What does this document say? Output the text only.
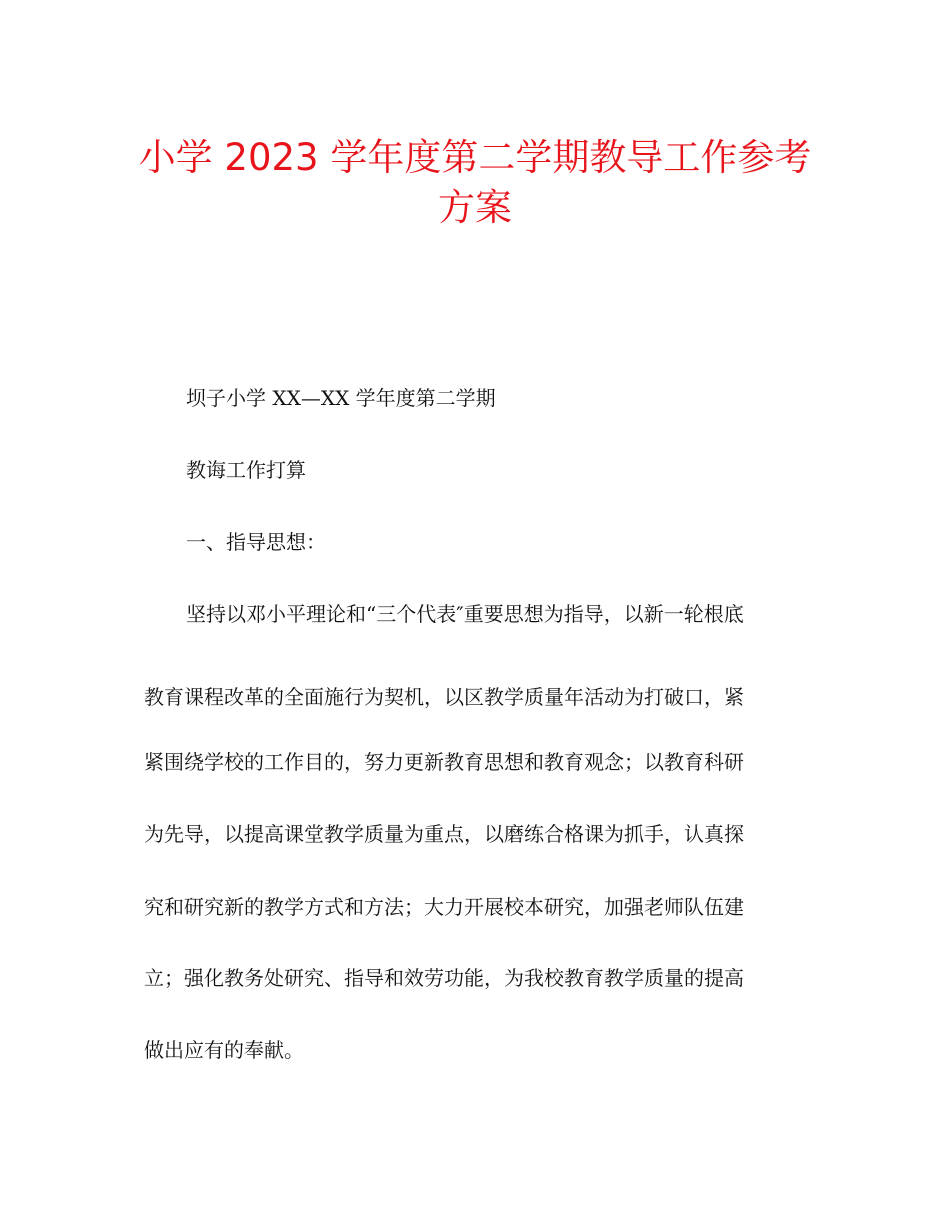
小学 2023 学年度第二学期教导工作参考
方案

坝子小学 XX—XX 学年度第二学期

教诲工作打算

一、指导思想：

坚持以邓小平理论和“三个代表″重要思想为指导，以新一轮根底

教育课程改革的全面施行为契机，以区教学质量年活动为打破口，紧

紧围绕学校的工作目的，努力更新教育思想和教育观念；以教育科研

为先导，以提高课堂教学质量为重点，以磨练合格课为抓手，认真探

究和研究新的教学方式和方法；大力开展校本研究，加强老师队伍建

立；强化教务处研究、指导和效劳功能，为我校教育教学质量的提高

做出应有的奉献。
